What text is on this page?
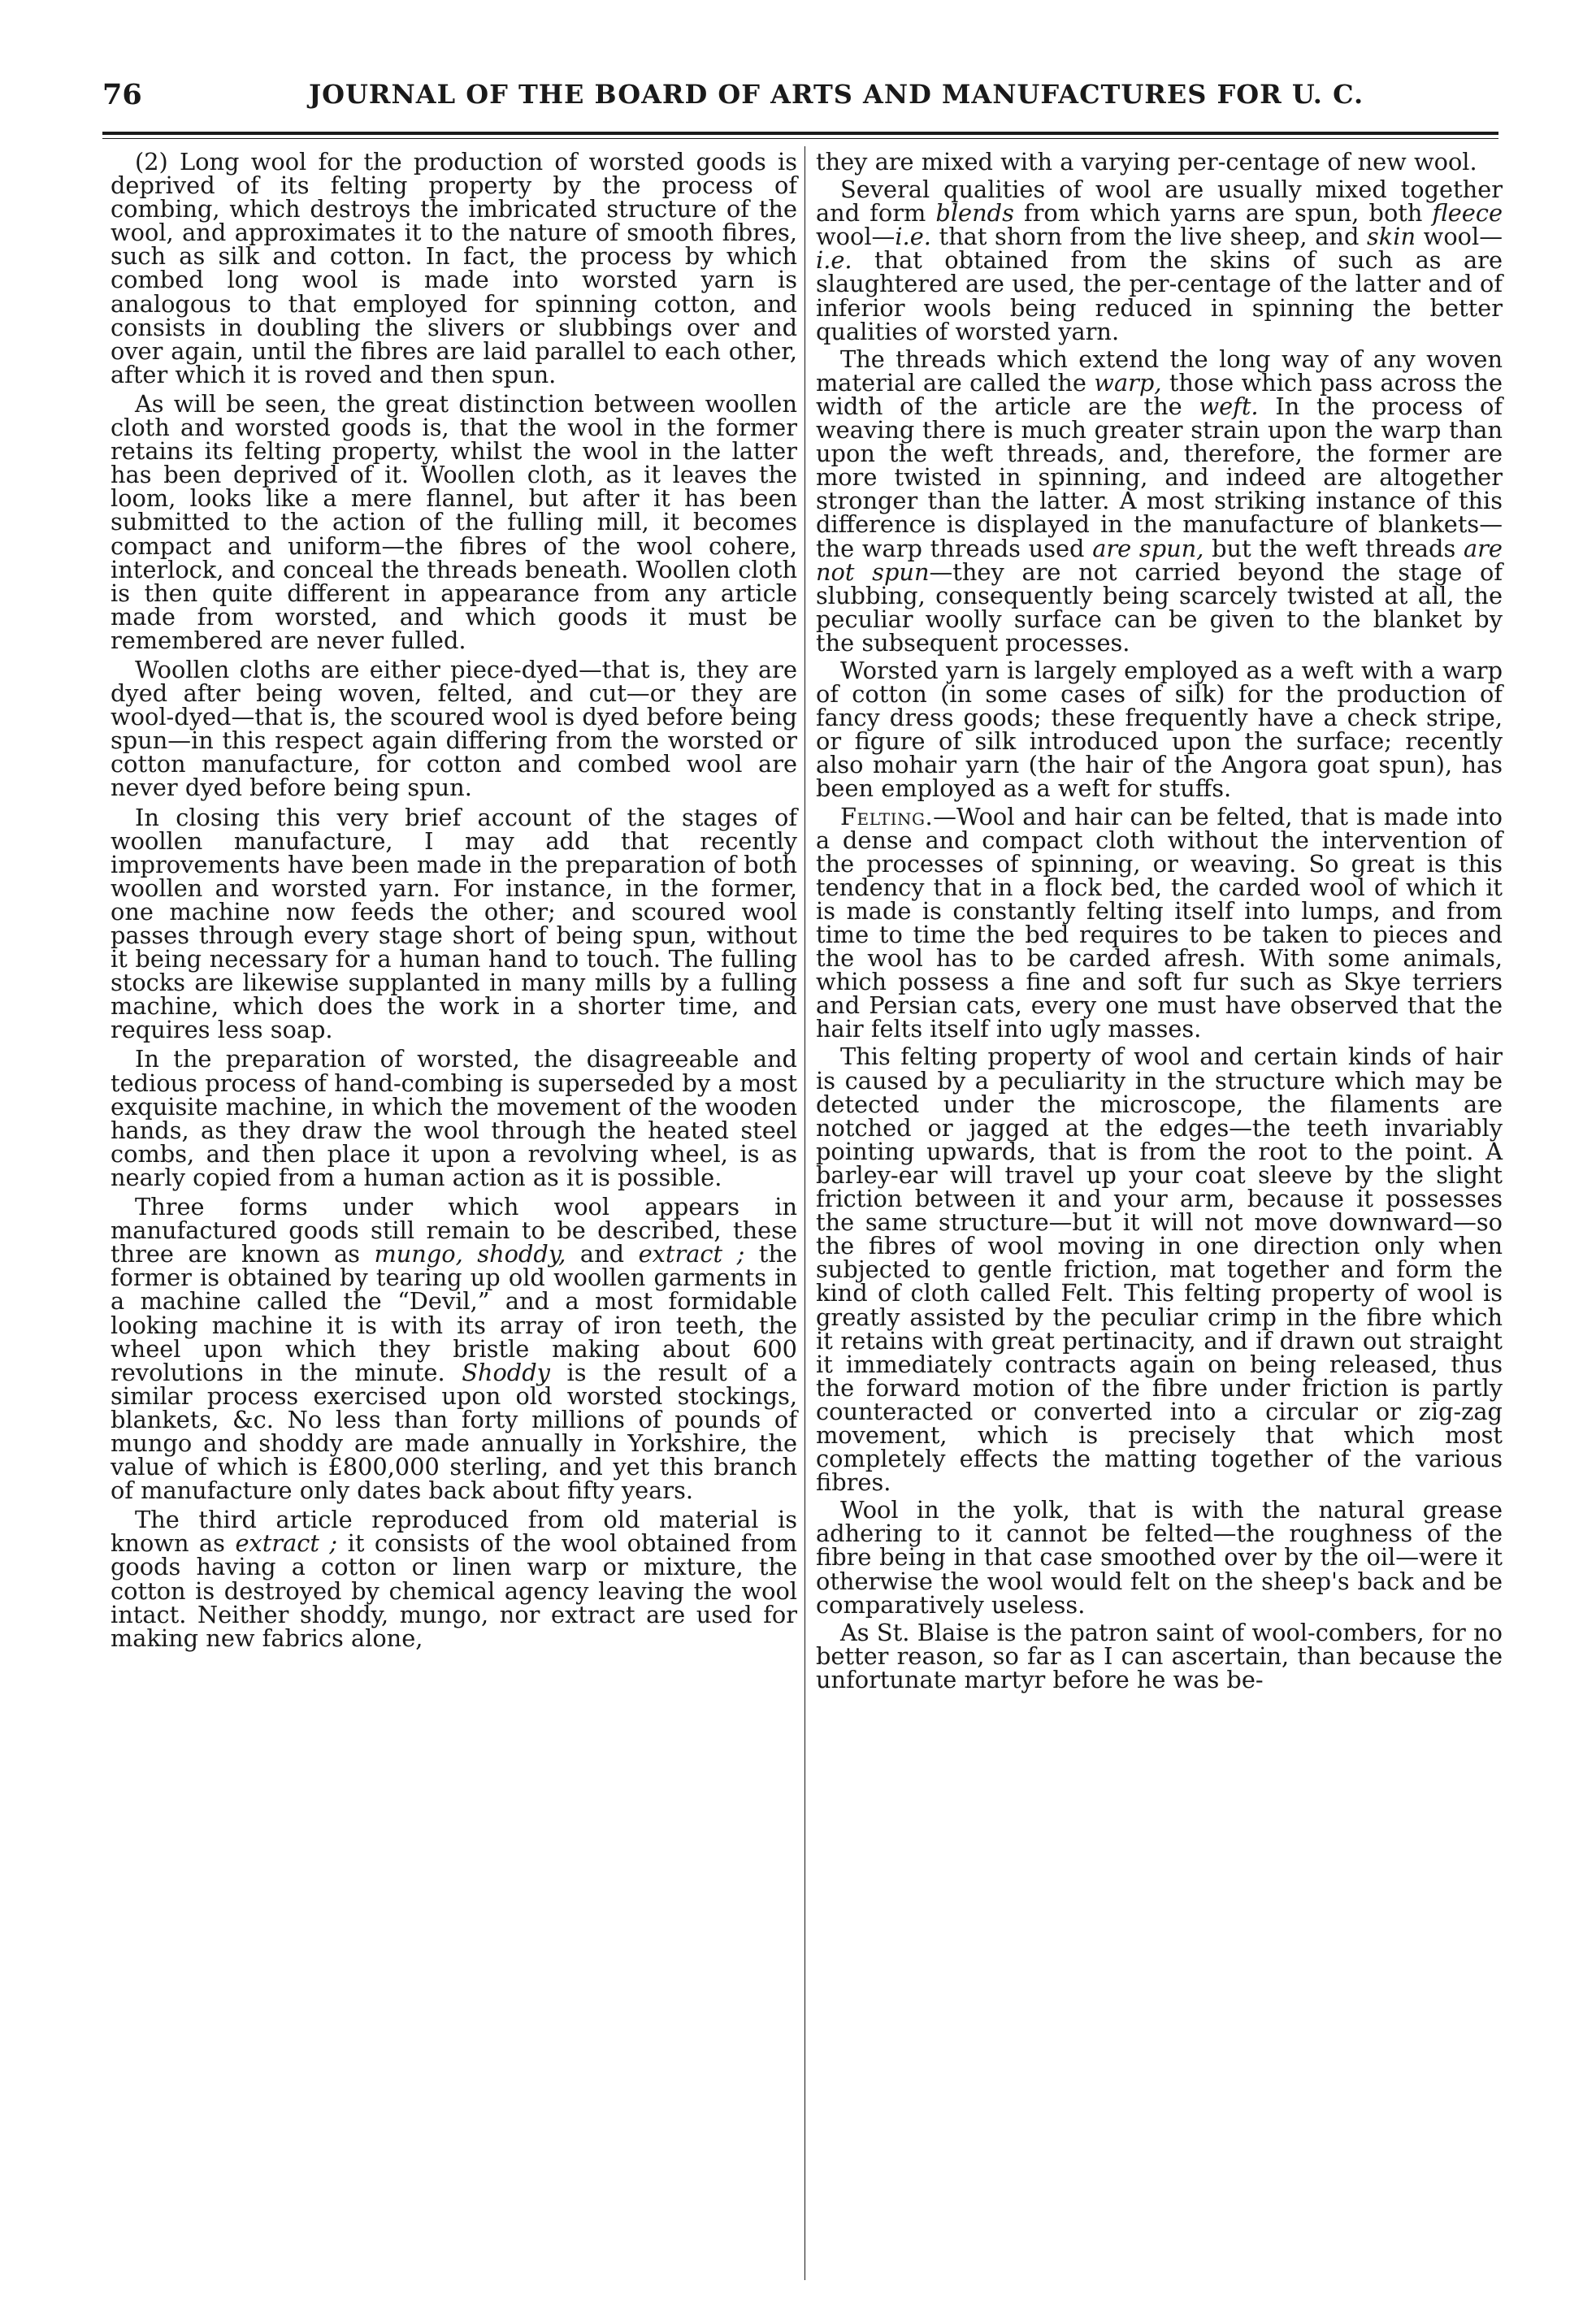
76	JOURNAL OF THE BOARD OF ARTS AND MANUFACTURES FOR U. C.

(2) Long wool for the production of worsted goods is deprived of its felting property by the process of combing, which destroys the imbricated structure of the wool, and approximates it to the nature of smooth fibres, such as silk and cotton. In fact, the process by which combed long wool is made into worsted yarn is analogous to that employed for spinning cotton, and consists in doubling the slivers or slubbings over and over again, until the fibres are laid parallel to each other, after which it is roved and then spun.

As will be seen, the great distinction between woollen cloth and worsted goods is, that the wool in the former retains its felting property, whilst the wool in the latter has been deprived of it. Woollen cloth, as it leaves the loom, looks like a mere flannel, but after it has been submitted to the action of the fulling mill, it becomes compact and uniform—the fibres of the wool cohere, interlock, and conceal the threads beneath. Woollen cloth is then quite different in appearance from any article made from worsted, and which goods it must be remembered are never fulled.

Woollen cloths are either piece-dyed—that is, they are dyed after being woven, felted, and cut—or they are wool-dyed—that is, the scoured wool is dyed before being spun—in this respect again differing from the worsted or cotton manufacture, for cotton and combed wool are never dyed before being spun.

In closing this very brief account of the stages of woollen manufacture, I may add that recently improvements have been made in the preparation of both woollen and worsted yarn. For instance, in the former, one machine now feeds the other; and scoured wool passes through every stage short of being spun, without it being necessary for a human hand to touch. The fulling stocks are likewise supplanted in many mills by a fulling machine, which does the work in a shorter time, and requires less soap.

In the preparation of worsted, the disagreeable and tedious process of hand-combing is superseded by a most exquisite machine, in which the movement of the wooden hands, as they draw the wool through the heated steel combs, and then place it upon a revolving wheel, is as nearly copied from a human action as it is possible.

Three forms under which wool appears in manufactured goods still remain to be described, these three are known as mungo, shoddy, and extract ; the former is obtained by tearing up old woollen garments in a machine called the “Devil,” and a most formidable looking machine it is with its array of iron teeth, the wheel upon which they bristle making about 600 revolutions in the minute. Shoddy is the result of a similar process exercised upon old worsted stockings, blankets, &c. No less than forty millions of pounds of mungo and shoddy are made annually in Yorkshire, the value of which is £800,000 sterling, and yet this branch of manufacture only dates back about fifty years.

The third article reproduced from old material is known as extract ; it consists of the wool obtained from goods having a cotton or linen warp or mixture, the cotton is destroyed by chemical agency leaving the wool intact. Neither shoddy, mungo, nor extract are used for making new fabrics alone,

they are mixed with a varying per-centage of new wool.

Several qualities of wool are usually mixed together and form blends from which yarns are spun, both fleece wool—i.e. that shorn from the live sheep, and skin wool—i.e. that obtained from the skins of such as are slaughtered are used, the per-centage of the latter and of inferior wools being reduced in spinning the better qualities of worsted yarn.

The threads which extend the long way of any woven material are called the warp, those which pass across the width of the article are the weft. In the process of weaving there is much greater strain upon the warp than upon the weft threads, and, therefore, the former are more twisted in spinning, and indeed are altogether stronger than the latter. A most striking instance of this difference is displayed in the manufacture of blankets—the warp threads used are spun, but the weft threads are not spun—they are not carried beyond the stage of slubbing, consequently being scarcely twisted at all, the peculiar woolly surface can be given to the blanket by the subsequent processes.

Worsted yarn is largely employed as a weft with a warp of cotton (in some cases of silk) for the production of fancy dress goods; these frequently have a check stripe, or figure of silk introduced upon the surface; recently also mohair yarn (the hair of the Angora goat spun), has been employed as a weft for stuffs.

Felting.—Wool and hair can be felted, that is made into a dense and compact cloth without the intervention of the processes of spinning, or weaving. So great is this tendency that in a flock bed, the carded wool of which it is made is constantly felting itself into lumps, and from time to time the bed requires to be taken to pieces and the wool has to be carded afresh. With some animals, which possess a fine and soft fur such as Skye terriers and Persian cats, every one must have observed that the hair felts itself into ugly masses.

This felting property of wool and certain kinds of hair is caused by a peculiarity in the structure which may be detected under the microscope, the filaments are notched or jagged at the edges—the teeth invariably pointing upwards, that is from the root to the point. A barley-ear will travel up your coat sleeve by the slight friction between it and your arm, because it possesses the same structure—but it will not move downward—so the fibres of wool moving in one direction only when subjected to gentle friction, mat together and form the kind of cloth called Felt. This felting property of wool is greatly assisted by the peculiar crimp in the fibre which it retains with great pertinacity, and if drawn out straight it immediately contracts again on being released, thus the forward motion of the fibre under friction is partly counteracted or converted into a circular or zig-zag movement, which is precisely that which most completely effects the matting together of the various fibres.

Wool in the yolk, that is with the natural grease adhering to it cannot be felted—the roughness of the fibre being in that case smoothed over by the oil—were it otherwise the wool would felt on the sheep's back and be comparatively useless.

As St. Blaise is the patron saint of wool-combers, for no better reason, so far as I can ascertain, than because the unfortunate martyr before he was be-
